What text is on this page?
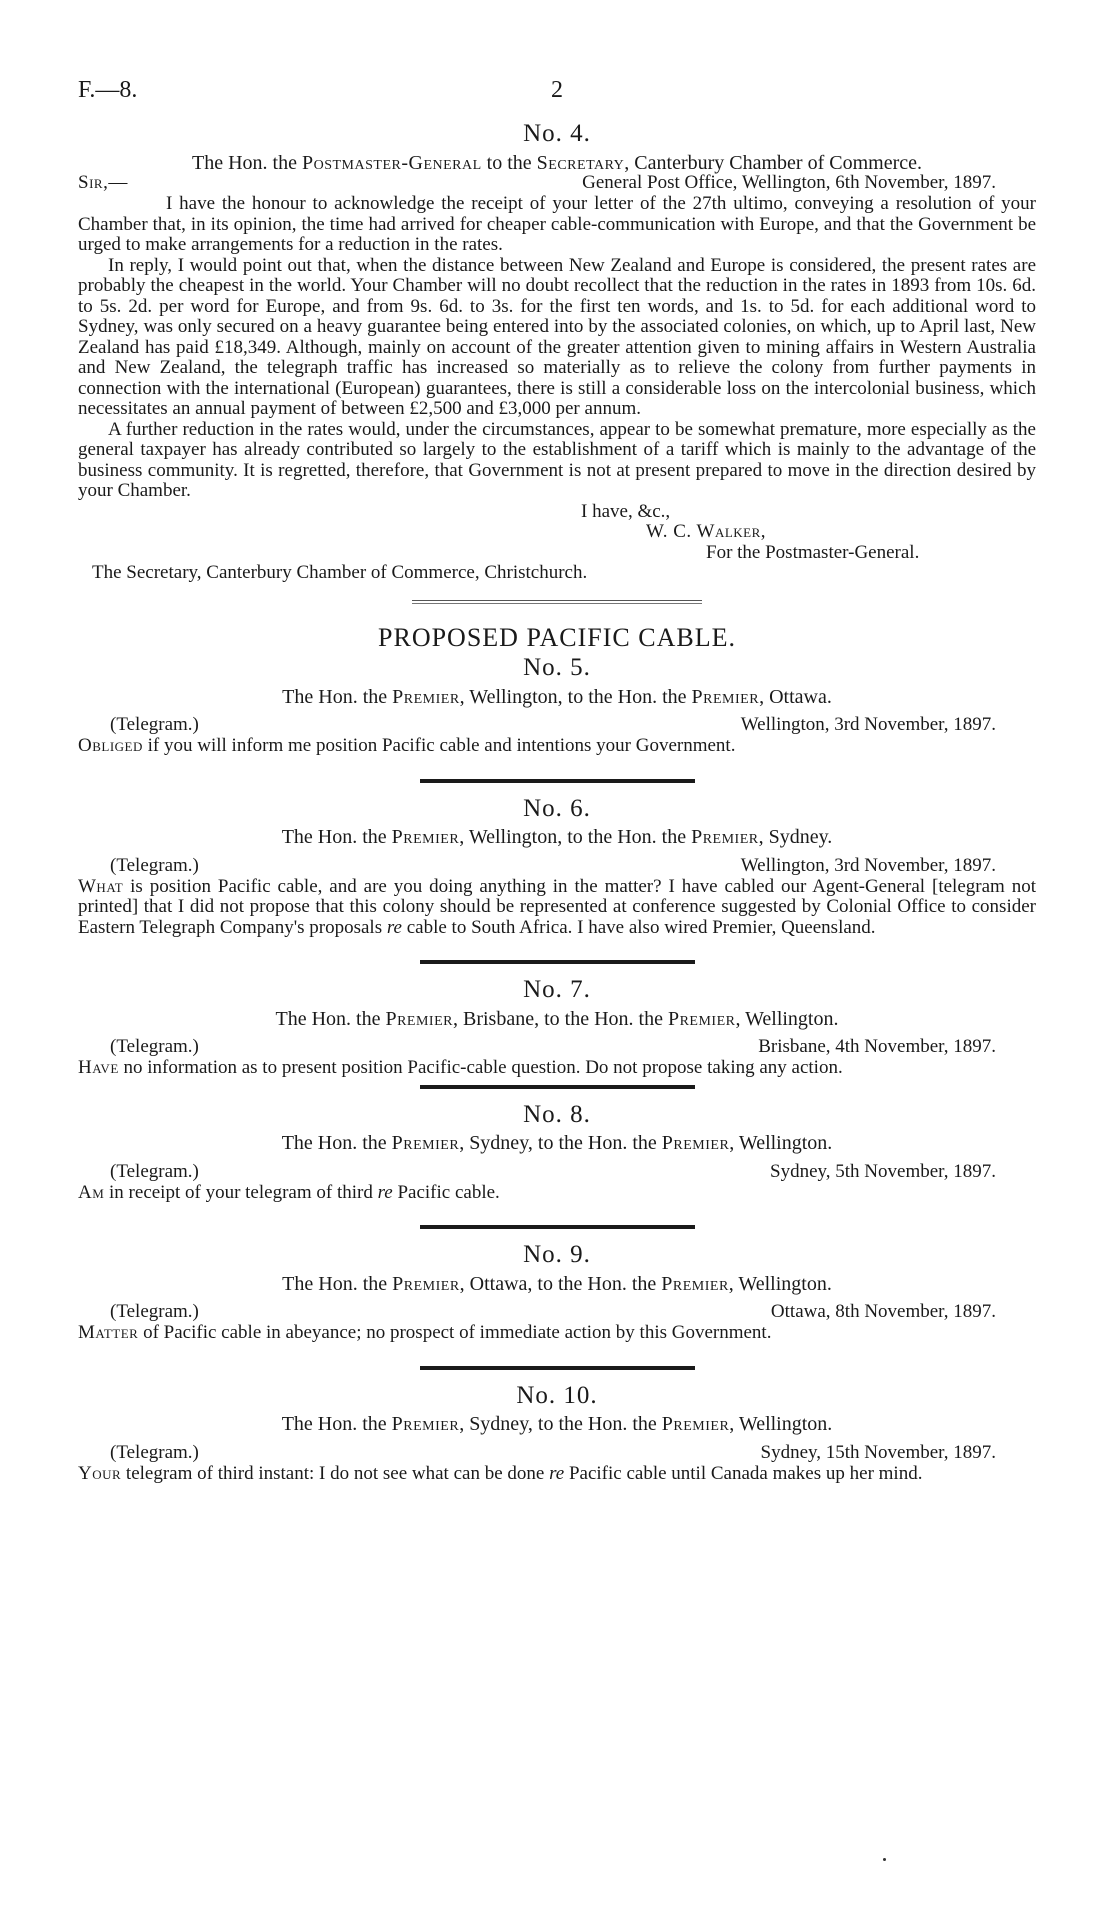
F.—8.	2
No. 4.
The Hon. the Postmaster-General to the Secretary, Canterbury Chamber of Commerce.
Sir,—	General Post Office, Wellington, 6th November, 1897.

I have the honour to acknowledge the receipt of your letter of the 27th ultimo, conveying a resolution of your Chamber that, in its opinion, the time had arrived for cheaper cable-communication with Europe, and that the Government be urged to make arrangements for a reduction in the rates.

In reply, I would point out that, when the distance between New Zealand and Europe is considered, the present rates are probably the cheapest in the world. Your Chamber will no doubt recollect that the reduction in the rates in 1893 from 10s. 6d. to 5s. 2d. per word for Europe, and from 9s. 6d. to 3s. for the first ten words, and 1s. to 5d. for each additional word to Sydney, was only secured on a heavy guarantee being entered into by the associated colonies, on which, up to April last, New Zealand has paid £18,349. Although, mainly on account of the greater attention given to mining affairs in Western Australia and New Zealand, the telegraph traffic has increased so materially as to relieve the colony from further payments in connection with the international (European) guarantees, there is still a considerable loss on the intercolonial business, which necessitates an annual payment of between £2,500 and £3,000 per annum.

A further reduction in the rates would, under the circumstances, appear to be somewhat premature, more especially as the general taxpayer has already contributed so largely to the establishment of a tariff which is mainly to the advantage of the business community. It is regretted, therefore, that Government is not at present prepared to move in the direction desired by your Chamber.

I have, &c.,
W. C. Walker,
For the Postmaster-General.
The Secretary, Canterbury Chamber of Commerce, Christchurch.
PROPOSED PACIFIC CABLE.
No. 5.
The Hon. the Premier, Wellington, to the Hon. the Premier, Ottawa.
(Telegram.)	Wellington, 3rd November, 1897.

Obliged if you will inform me position Pacific cable and intentions your Government.

No. 6.
The Hon. the Premier, Wellington, to the Hon. the Premier, Sydney.
(Telegram.)	Wellington, 3rd November, 1897.

What is position Pacific cable, and are you doing anything in the matter? I have cabled our Agent-General [telegram not printed] that I did not propose that this colony should be represented at conference suggested by Colonial Office to consider Eastern Telegraph Company's proposals re cable to South Africa. I have also wired Premier, Queensland.

No. 7.
The Hon. the Premier, Brisbane, to the Hon. the Premier, Wellington.
(Telegram.)	Brisbane, 4th November, 1897.

Have no information as to present position Pacific-cable question. Do not propose taking any action.

No. 8.
The Hon. the Premier, Sydney, to the Hon. the Premier, Wellington.
(Telegram.)	Sydney, 5th November, 1897.

Am in receipt of your telegram of third re Pacific cable.

No. 9.
The Hon. the Premier, Ottawa, to the Hon. the Premier, Wellington.
(Telegram.)	Ottawa, 8th November, 1897.

Matter of Pacific cable in abeyance; no prospect of immediate action by this Government.

No. 10.
The Hon. the Premier, Sydney, to the Hon. the Premier, Wellington.
(Telegram.)	Sydney, 15th November, 1897.

Your telegram of third instant: I do not see what can be done re Pacific cable until Canada makes up her mind.
